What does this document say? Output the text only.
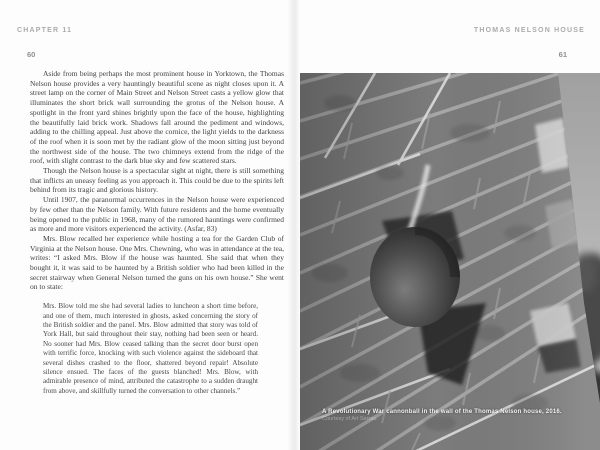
CHAPTER 11
60

Aside from being perhaps the most prominent house in Yorktown, the Thomas Nelson house provides a very hauntingly beautiful scene as night closes upon it. A street lamp on the corner of Main Street and Nelson Street casts a yellow glow that illuminates the short brick wall surrounding the grotus of the Nelson house. A spotlight in the front yard shines brightly upon the face of the house, highlighting the beautifully laid brick work. Shadows fall around the pediment and windows, adding to the chilling appeal. Just above the cornice, the light yields to the darkness of the roof when it is soon met by the radiant glow of the moon sitting just beyond the northwest side of the house. The two chimneys extend from the ridge of the roof, with slight contrast to the dark blue sky and few scattered stars.

Though the Nelson house is a spectacular sight at night, there is still something that inflicts an uneasy feeling as you approach it. This could be due to the spirits left behind from its tragic and glorious history.

Until 1907, the paranormal occurrences in the Nelson house were experienced by few other than the Nelson family. With future residents and the home eventually being opened to the public in 1968, many of the rumored hauntings were confirmed as more and more visitors experienced the activity. (Asfar, 83)

Mrs. Blow recalled her experience while hosting a tea for the Garden Club of Virginia at the Nelson house. One Mrs. Chewning, who was in attendance at the tea, writes: “I asked Mrs. Blow if the house was haunted. She said that when they bought it, it was said to be haunted by a British soldier who had been killed in the secret stairway when General Nelson turned the guns on his own house.” She went on to state:

Mrs. Blow told me she had several ladies to luncheon a short time before, and one of them, much interested in ghosts, asked concerning the story of the British soldier and the panel. Mrs. Blow admitted that story was told of York Hall, but said throughout their stay, nothing had been seen or heard. No sooner had Mrs. Blow ceased talking than the secret door burst open with terrific force, knocking with such violence against the sideboard that several dishes crashed to the floor, shattered beyond repair! Absolute silence ensued. The faces of the guests blanched! Mrs. Blow, with admirable presence of mind, attributed the catastrophe to a sudden draught from above, and skillfully turned the conversation to other channels.”
THOMAS NELSON HOUSE
61
A Revolutionary War cannonball in the wall of the Thomas Nelson house, 2016.
Courtesy of Art Serrao.
